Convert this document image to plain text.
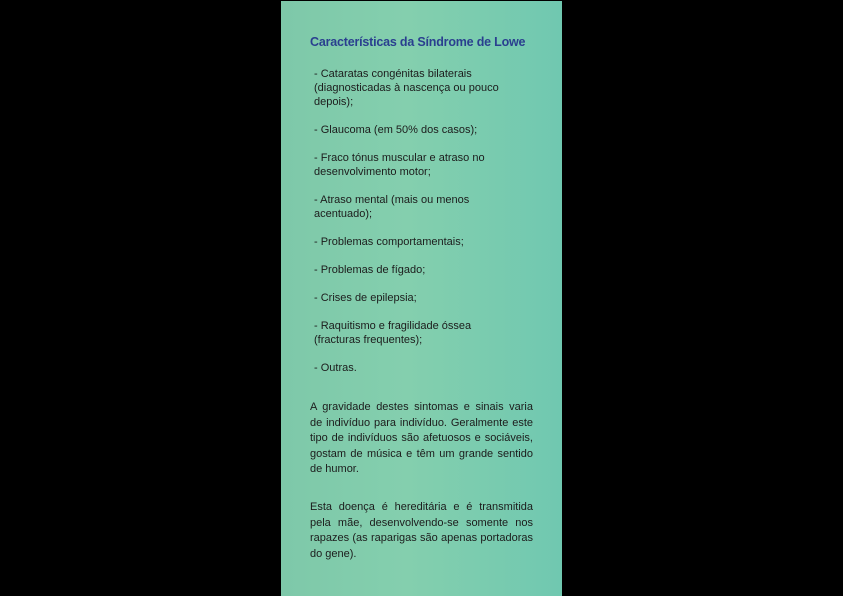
Características da Síndrome de Lowe
- Cataratas congénitas bilaterais (diagnosticadas à nascença ou pouco depois);
- Glaucoma (em 50% dos casos);
- Fraco tónus muscular e atraso no desenvolvimento motor;
- Atraso mental (mais ou menos acentuado);
- Problemas comportamentais;
- Problemas de fígado;
- Crises de epilepsia;
- Raquitismo e fragilidade óssea (fracturas frequentes);
- Outras.

A gravidade destes sintomas e sinais varia de indivíduo para indivíduo. Geralmente este tipo de indivíduos são afetuosos e sociáveis, gostam de música e têm um grande sentido de humor.

Esta doença é hereditária e é transmitida pela mãe, desenvolvendo-se somente nos rapazes (as raparigas são apenas portadoras do gene).
